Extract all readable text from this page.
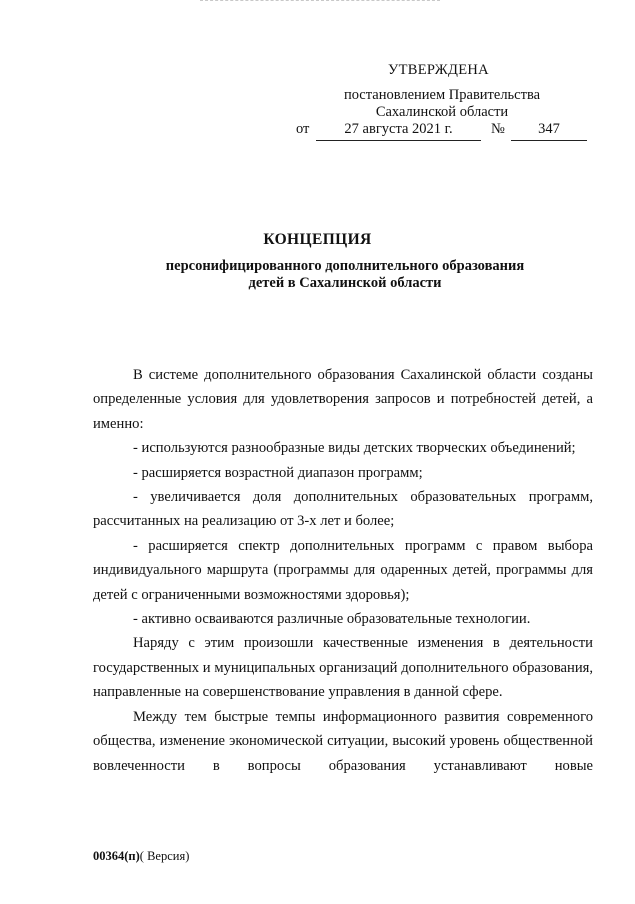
УТВЕРЖДЕНА
постановлением Правительства
Сахалинской области
от	27 августа 2021 г.	№	347
КОНЦЕПЦИЯ
персонифицированного дополнительного образования
детей в Сахалинской области

В системе дополнительного образования Сахалинской области созданы определенные условия для удовлетворения запросов и потребностей детей, а именно:

- используются разнообразные виды детских творческих объединений;

- расширяется возрастной диапазон программ;

- увеличивается доля дополнительных образовательных программ, рассчитанных на реализацию от 3-х лет и более;

- расширяется спектр дополнительных программ с правом выбора индивидуального маршрута (программы для одаренных детей, программы для детей с ограниченными возможностями здоровья);

- активно осваиваются различные образовательные технологии.

Наряду с этим произошли качественные изменения в деятельности государственных и муниципальных организаций дополнительного образования, направленные на совершенствование управления в данной сфере.

Между тем быстрые темпы информационного развития современного общества, изменение экономической ситуации, высокий уровень общественной вовлеченности в вопросы образования устанавливают новые

00364(п)( Версия)
